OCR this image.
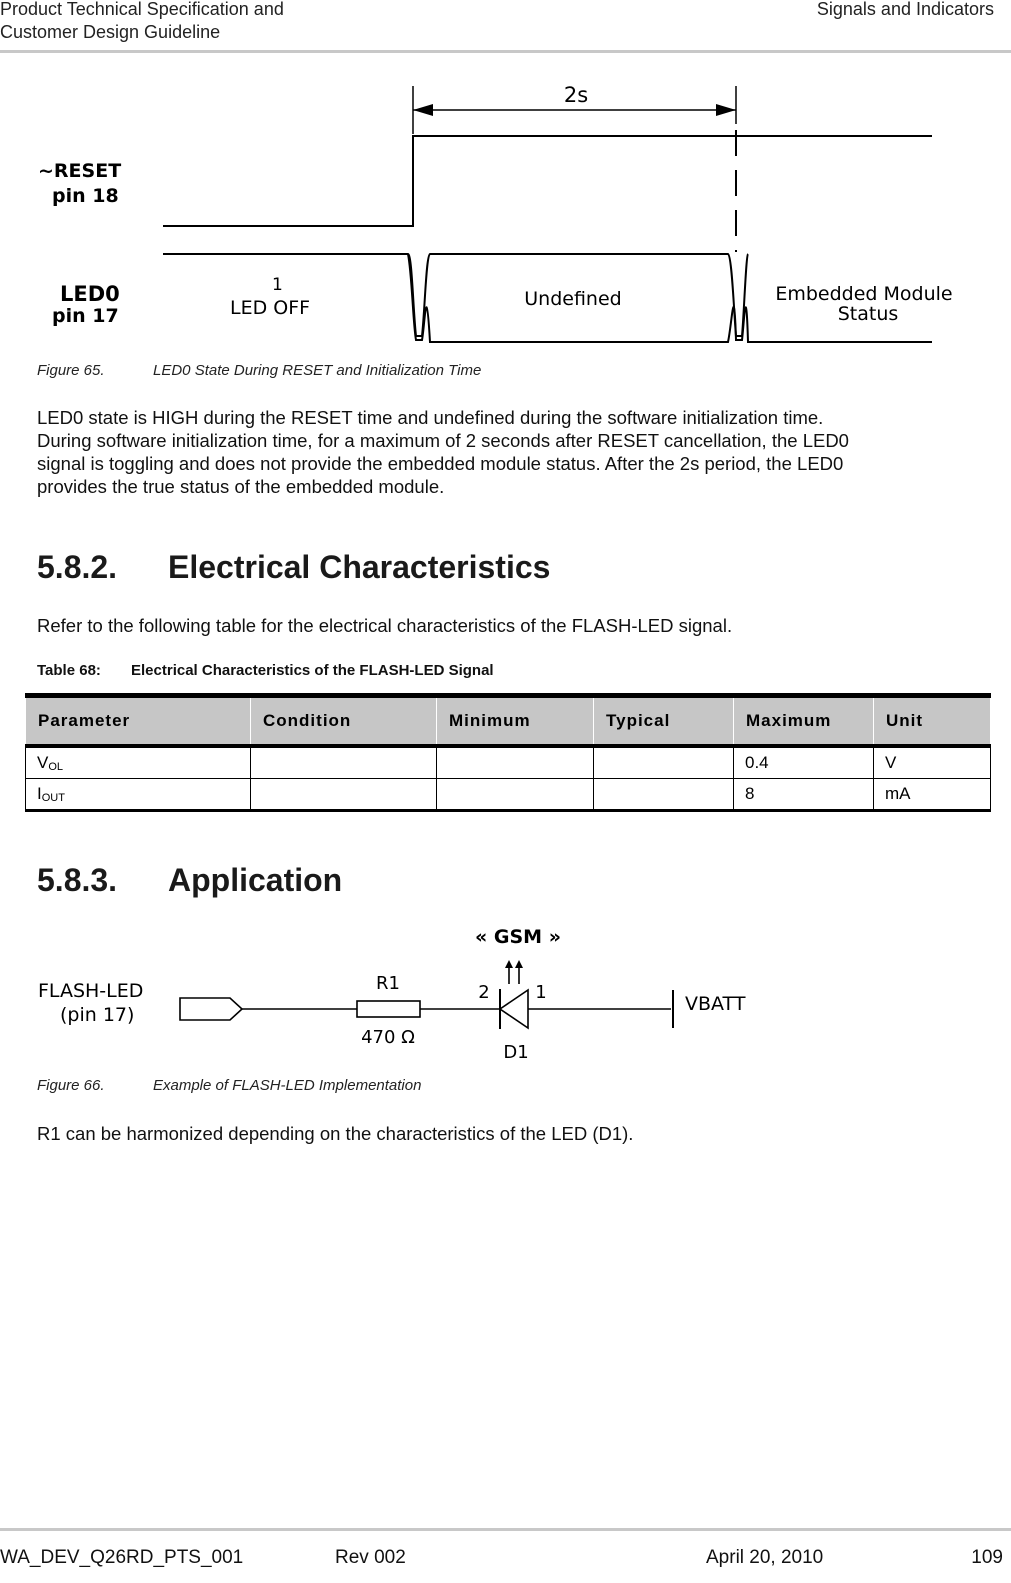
Product Technical Specification and
Customer Design Guideline
Signals and Indicators
2s
~RESET
pin 18
LED0
pin 17
1
LED OFF	Undefined	Embedded Module
Status
Figure 65.	LED0 State During RESET and Initialization Time
LED0 state is HIGH during the RESET time and undefined during the software initialization time.
During software initialization time, for a maximum of 2 seconds after RESET cancellation, the LED0
signal is toggling and does not provide the embedded module status. After the 2s period, the LED0
provides the true status of the embedded module.
5.8.2. Electrical Characteristics
Refer to the following table for the electrical characteristics of the FLASH-LED signal.
Table 68: Electrical Characteristics of the FLASH-LED Signal
Parameter	Condition	Minimum	Typical	Maximum	Unit
$V_{OL}$				0.4	V
$I_{OUT}$				8	mA
5.8.3. Application
« GSM »
FLASH-LED
(pin 17)
R1
470 Ω
2	1
D1
VBATT
Figure 66.	Example of FLASH-LED Implementation
R1 can be harmonized depending on the characteristics of the LED (D1).
WA_DEV_Q26RD_PTS_001	Rev 002	April 20, 2010	109
